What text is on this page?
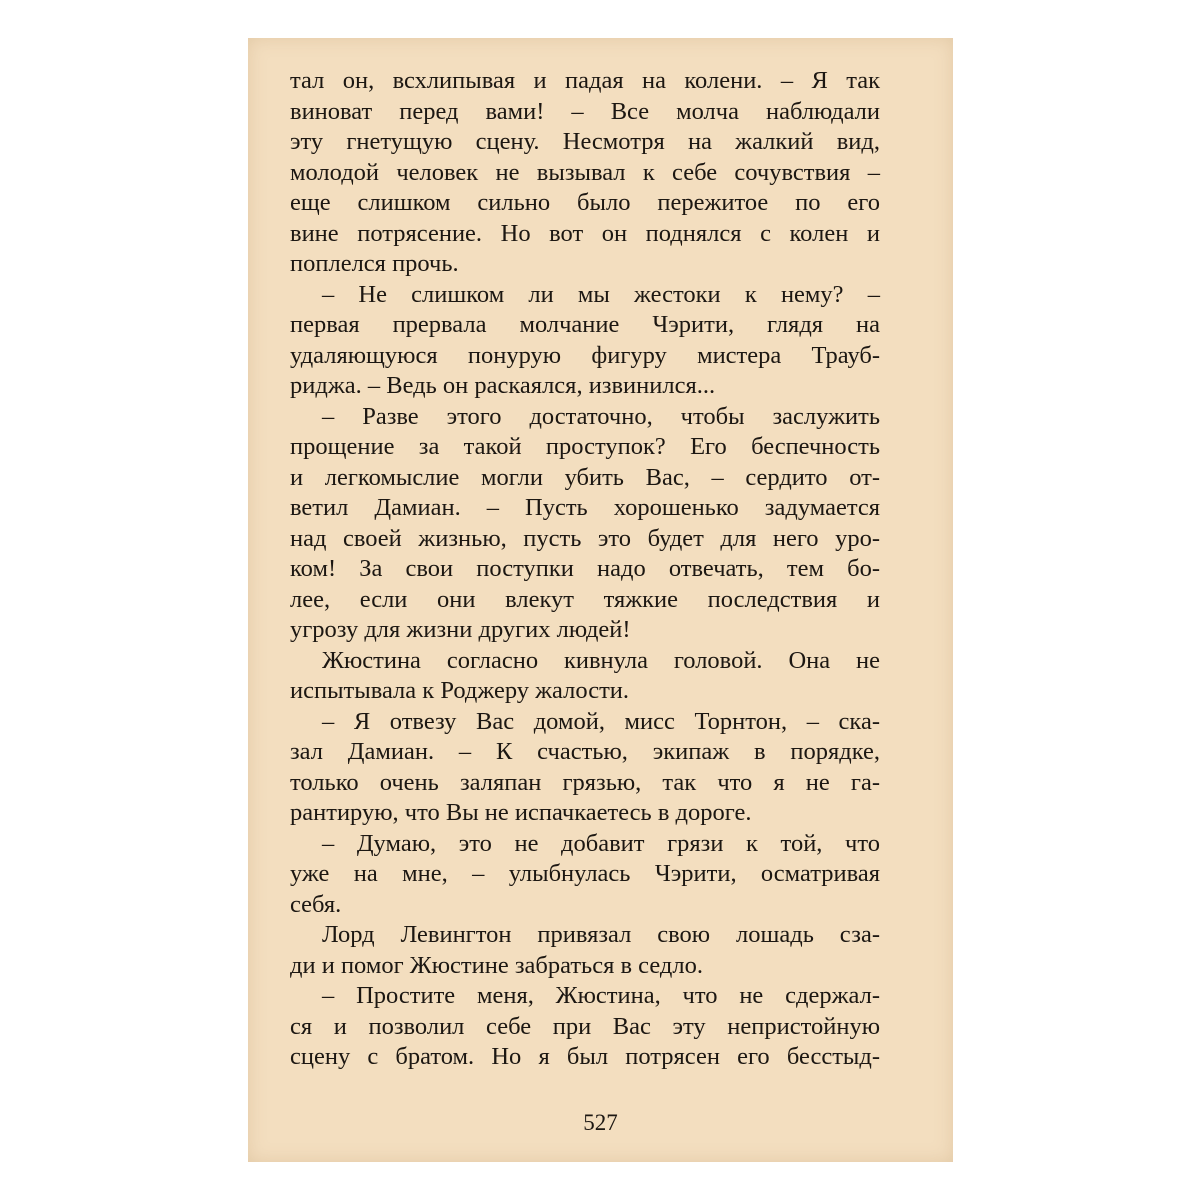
тал он, всхлипывая и падая на колени. – Я так
виноват перед вами! – Все молча наблюдали
эту гнетущую сцену. Несмотря на жалкий вид,
молодой человек не вызывал к себе сочувствия –
еще слишком сильно было пережитое по его
вине потрясение. Но вот он поднялся с колен и
поплелся прочь.
– Не слишком ли мы жестоки к нему? –
первая прервала молчание Чэрити, глядя на
удаляющуюся понурую фигуру мистера Трауб-
риджа. – Ведь он раскаялся, извинился...
– Разве этого достаточно, чтобы заслужить
прощение за такой проступок? Его беспечность
и легкомыслие могли убить Вас, – сердито от-
ветил Дамиан. – Пусть хорошенько задумается
над своей жизнью, пусть это будет для него уро-
ком! За свои поступки надо отвечать, тем бо-
лее, если они влекут тяжкие последствия и
угрозу для жизни других людей!
Жюстина согласно кивнула головой. Она не
испытывала к Роджеру жалости.
– Я отвезу Вас домой, мисс Торнтон, – ска-
зал Дамиан. – К счастью, экипаж в порядке,
только очень заляпан грязью, так что я не га-
рантирую, что Вы не испачкаетесь в дороге.
– Думаю, это не добавит грязи к той, что
уже на мне, – улыбнулась Чэрити, осматривая
себя.
Лорд Левингтон привязал свою лошадь сза-
ди и помог Жюстине забраться в седло.
– Простите меня, Жюстина, что не сдержал-
ся и позволил себе при Вас эту непристойную
сцену с братом. Но я был потрясен его бесстыд-
527
